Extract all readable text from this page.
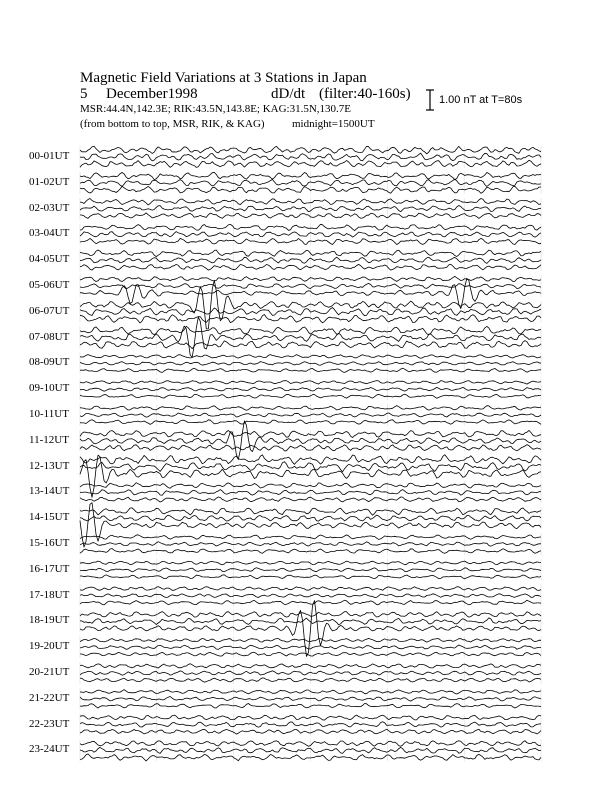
Magnetic Field Variations at 3 Stations in Japan
5 December1998	dD/dt (filter:40-160s)
MSR:44.4N,142.3E; RIK:43.5N,143.8E; KAG:31.5N,130.7E
(from bottom to top, MSR, RIK, & KAG) midnight=1500UT
1.00 nT at T=80s
00-01UT
01-02UT
02-03UT
03-04UT
04-05UT
05-06UT
06-07UT
07-08UT
08-09UT
09-10UT
10-11UT
11-12UT
12-13UT
13-14UT
14-15UT
15-16UT
16-17UT
17-18UT
18-19UT
19-20UT
20-21UT
21-22UT
22-23UT
23-24UT
